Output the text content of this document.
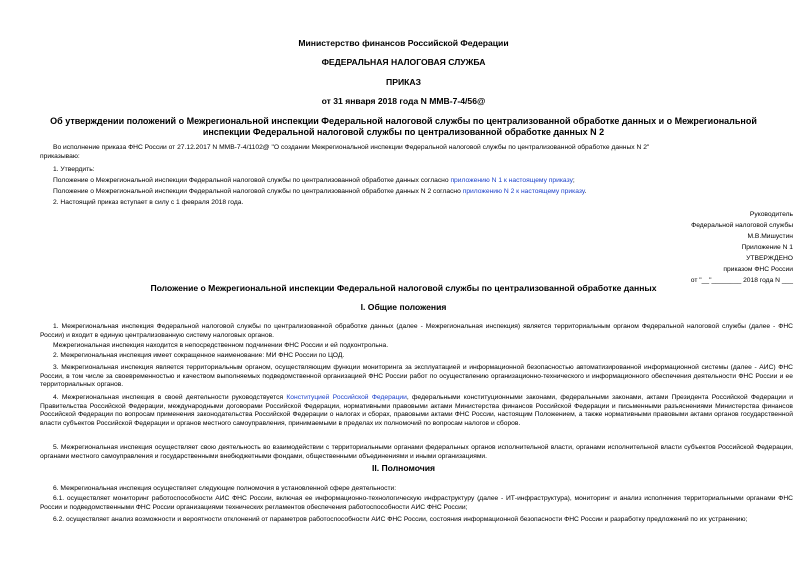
Министерство финансов Российской Федерации
ФЕДЕРАЛЬНАЯ НАЛОГОВАЯ СЛУЖБА
ПРИКАЗ
от 31 января 2018 года N ММВ-7-4/56@
Об утверждении положений о Межрегиональной инспекции Федеральной налоговой службы по централизованной обработке данных и о Межрегиональной
инспекции Федеральной налоговой службы по централизованной обработке данных N 2
Во исполнение приказа ФНС России от 27.12.2017 N ММВ-7-4/1102@ "О создании Межрегиональной инспекции Федеральной налоговой службы по централизованной обработке данных N 2"
приказываю:
1. Утвердить:
Положение о Межрегиональной инспекции Федеральной налоговой службы по централизованной обработке данных согласно приложению N 1 к настоящему приказу;
Положение о Межрегиональной инспекции Федеральной налоговой службы по централизованной обработке данных N 2 согласно приложению N 2 к настоящему приказу.
2. Настоящий приказ вступает в силу с 1 февраля 2018 года.
Руководитель
Федеральной налоговой службы
М.В.Мишустин
Приложение N 1
УТВЕРЖДЕНО
приказом ФНС России
от "__"________ 2018 года N ___
Положение о Межрегиональной инспекции Федеральной налоговой службы по централизованной обработке данных
I. Общие положения
1. Межрегиональная инспекция Федеральной налоговой службы по централизованной обработке данных (далее - Межрегиональная инспекция) является территориальным органом Федеральной налоговой службы (далее - ФНС России) и входит в единую централизованную систему налоговых органов.
Межрегиональная инспекция находится в непосредственном подчинении ФНС России и ей подконтрольна.
2. Межрегиональная инспекция имеет сокращенное наименование: МИ ФНС России по ЦОД.
3. Межрегиональная инспекция является территориальным органом, осуществляющим функции мониторинга за эксплуатацией и информационной безопасностью автоматизированной информационной системы (далее - АИС) ФНС России, в том числе за своевременностью и качеством выполняемых подведомственной организацией ФНС России работ по осуществлению организационно-технического и информационного обеспечения деятельности ФНС России и ее территориальных органов.
4. Межрегиональная инспекция в своей деятельности руководствуется Конституцией Российской Федерации, федеральными конституционными законами, федеральными законами, актами Президента Российской Федерации и Правительства Российской Федерации, международными договорами Российской Федерации, нормативными правовыми актами Министерства финансов Российской Федерации и письменными разъяснениями Министерства финансов Российской Федерации по вопросам применения законодательства Российской Федерации о налогах и сборах, правовыми актами ФНС России, настоящим Положением, а также нормативными правовыми актами органов государственной власти субъектов Российской Федерации и органов местного самоуправления, принимаемыми в пределах их полномочий по вопросам налогов и сборов.
5. Межрегиональная инспекция осуществляет свою деятельность во взаимодействии с территориальными органами федеральных органов исполнительной власти, органами исполнительной власти субъектов Российской Федерации, органами местного самоуправления и государственными внебюджетными фондами, общественными объединениями и иными организациями.
II. Полномочия
6. Межрегиональная инспекция осуществляет следующие полномочия в установленной сфере деятельности:
6.1. осуществляет мониторинг работоспособности АИС ФНС России, включая ее информационно-технологическую инфраструктуру (далее - ИТ-инфраструктура), мониторинг и анализ исполнения территориальными органами ФНС России и подведомственными ФНС России организациями технических регламентов обеспечения работоспособности АИС ФНС России;
6.2. осуществляет анализ возможности и вероятности отклонений от параметров работоспособности АИС ФНС России, состояния информационной безопасности ФНС России и разработку предложений по их устранению;
